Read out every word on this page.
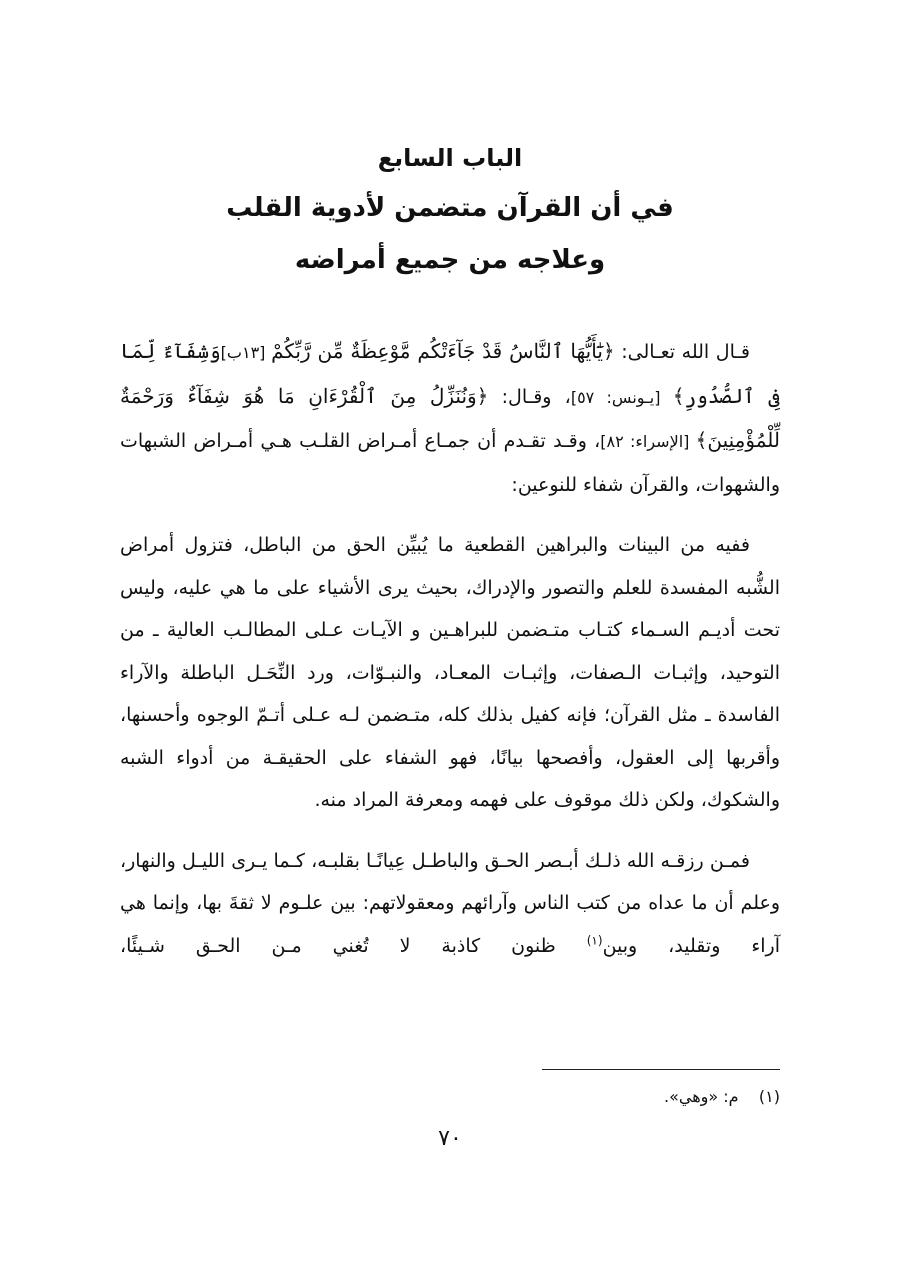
الباب السابع
في أن القرآن متضمن لأدوية القلب
وعلاجه من جميع أمراضه

قـال الله تعـالى: ﴿يَٰٓأَيُّهَا ٱلنَّاسُ قَدْ جَآءَتْكُم مَّوْعِظَةٌ مِّن رَّبِّكُمْ [١٣ب]وَشِفَآءٌ لِّمَا فِى ٱلصُّدُورِ﴾ [يـونس: ٥٧]، وقـال: ﴿وَنُنَزِّلُ مِنَ ٱلْقُرْءَانِ مَا هُوَ شِفَآءٌ وَرَحْمَةٌ لِّلْمُؤْمِنِينَ﴾ [الإسراء: ٨٢]، وقـد تقـدم أن جمـاع أمـراض القلـب هـي أمـراض الشبهات والشهوات، والقرآن شفاء للنوعين:

ففيه من البينات والبراهين القطعية ما يُبيِّن الحق من الباطل، فتزول أمراض الشُّبه المفسدة للعلم والتصور والإدراك، بحيث يرى الأشياء على ما هي عليه، وليس تحت أديـم السـماء كتـاب متـضمن للبراهـين و الآيـات عـلى المطالـب العالية ـ من التوحيد، وإثبـات الـصفات، وإثبـات المعـاد، والنبـوّات، ورد النِّحَـل الباطلة والآراء الفاسدة ـ مثل القرآن؛ فإنه كفيل بذلك كله، متـضمن لـه عـلى أتـمّ الوجوه وأحسنها، وأقربها إلى العقول، وأفصحها بيانًا، فهو الشفاء على الحقيقـة من أدواء الشبه والشكوك، ولكن ذلك موقوف على فهمه ومعرفة المراد منه.

فمـن رزقـه الله ذلـك أبـصر الحـق والباطـل عِيانًـا بقلبـه، كـما يـرى الليـل والنهار، وعلم أن ما عداه من كتب الناس وآرائهم ومعقولاتهم: بين علـوم لا ثقةَ بها، وإنما هي آراء وتقليد، وبين$^{(١)}$ ظنون كاذبة لا تُغني مـن الحـق شـيئًا،

(١)    م: «وهي».
٧٠
